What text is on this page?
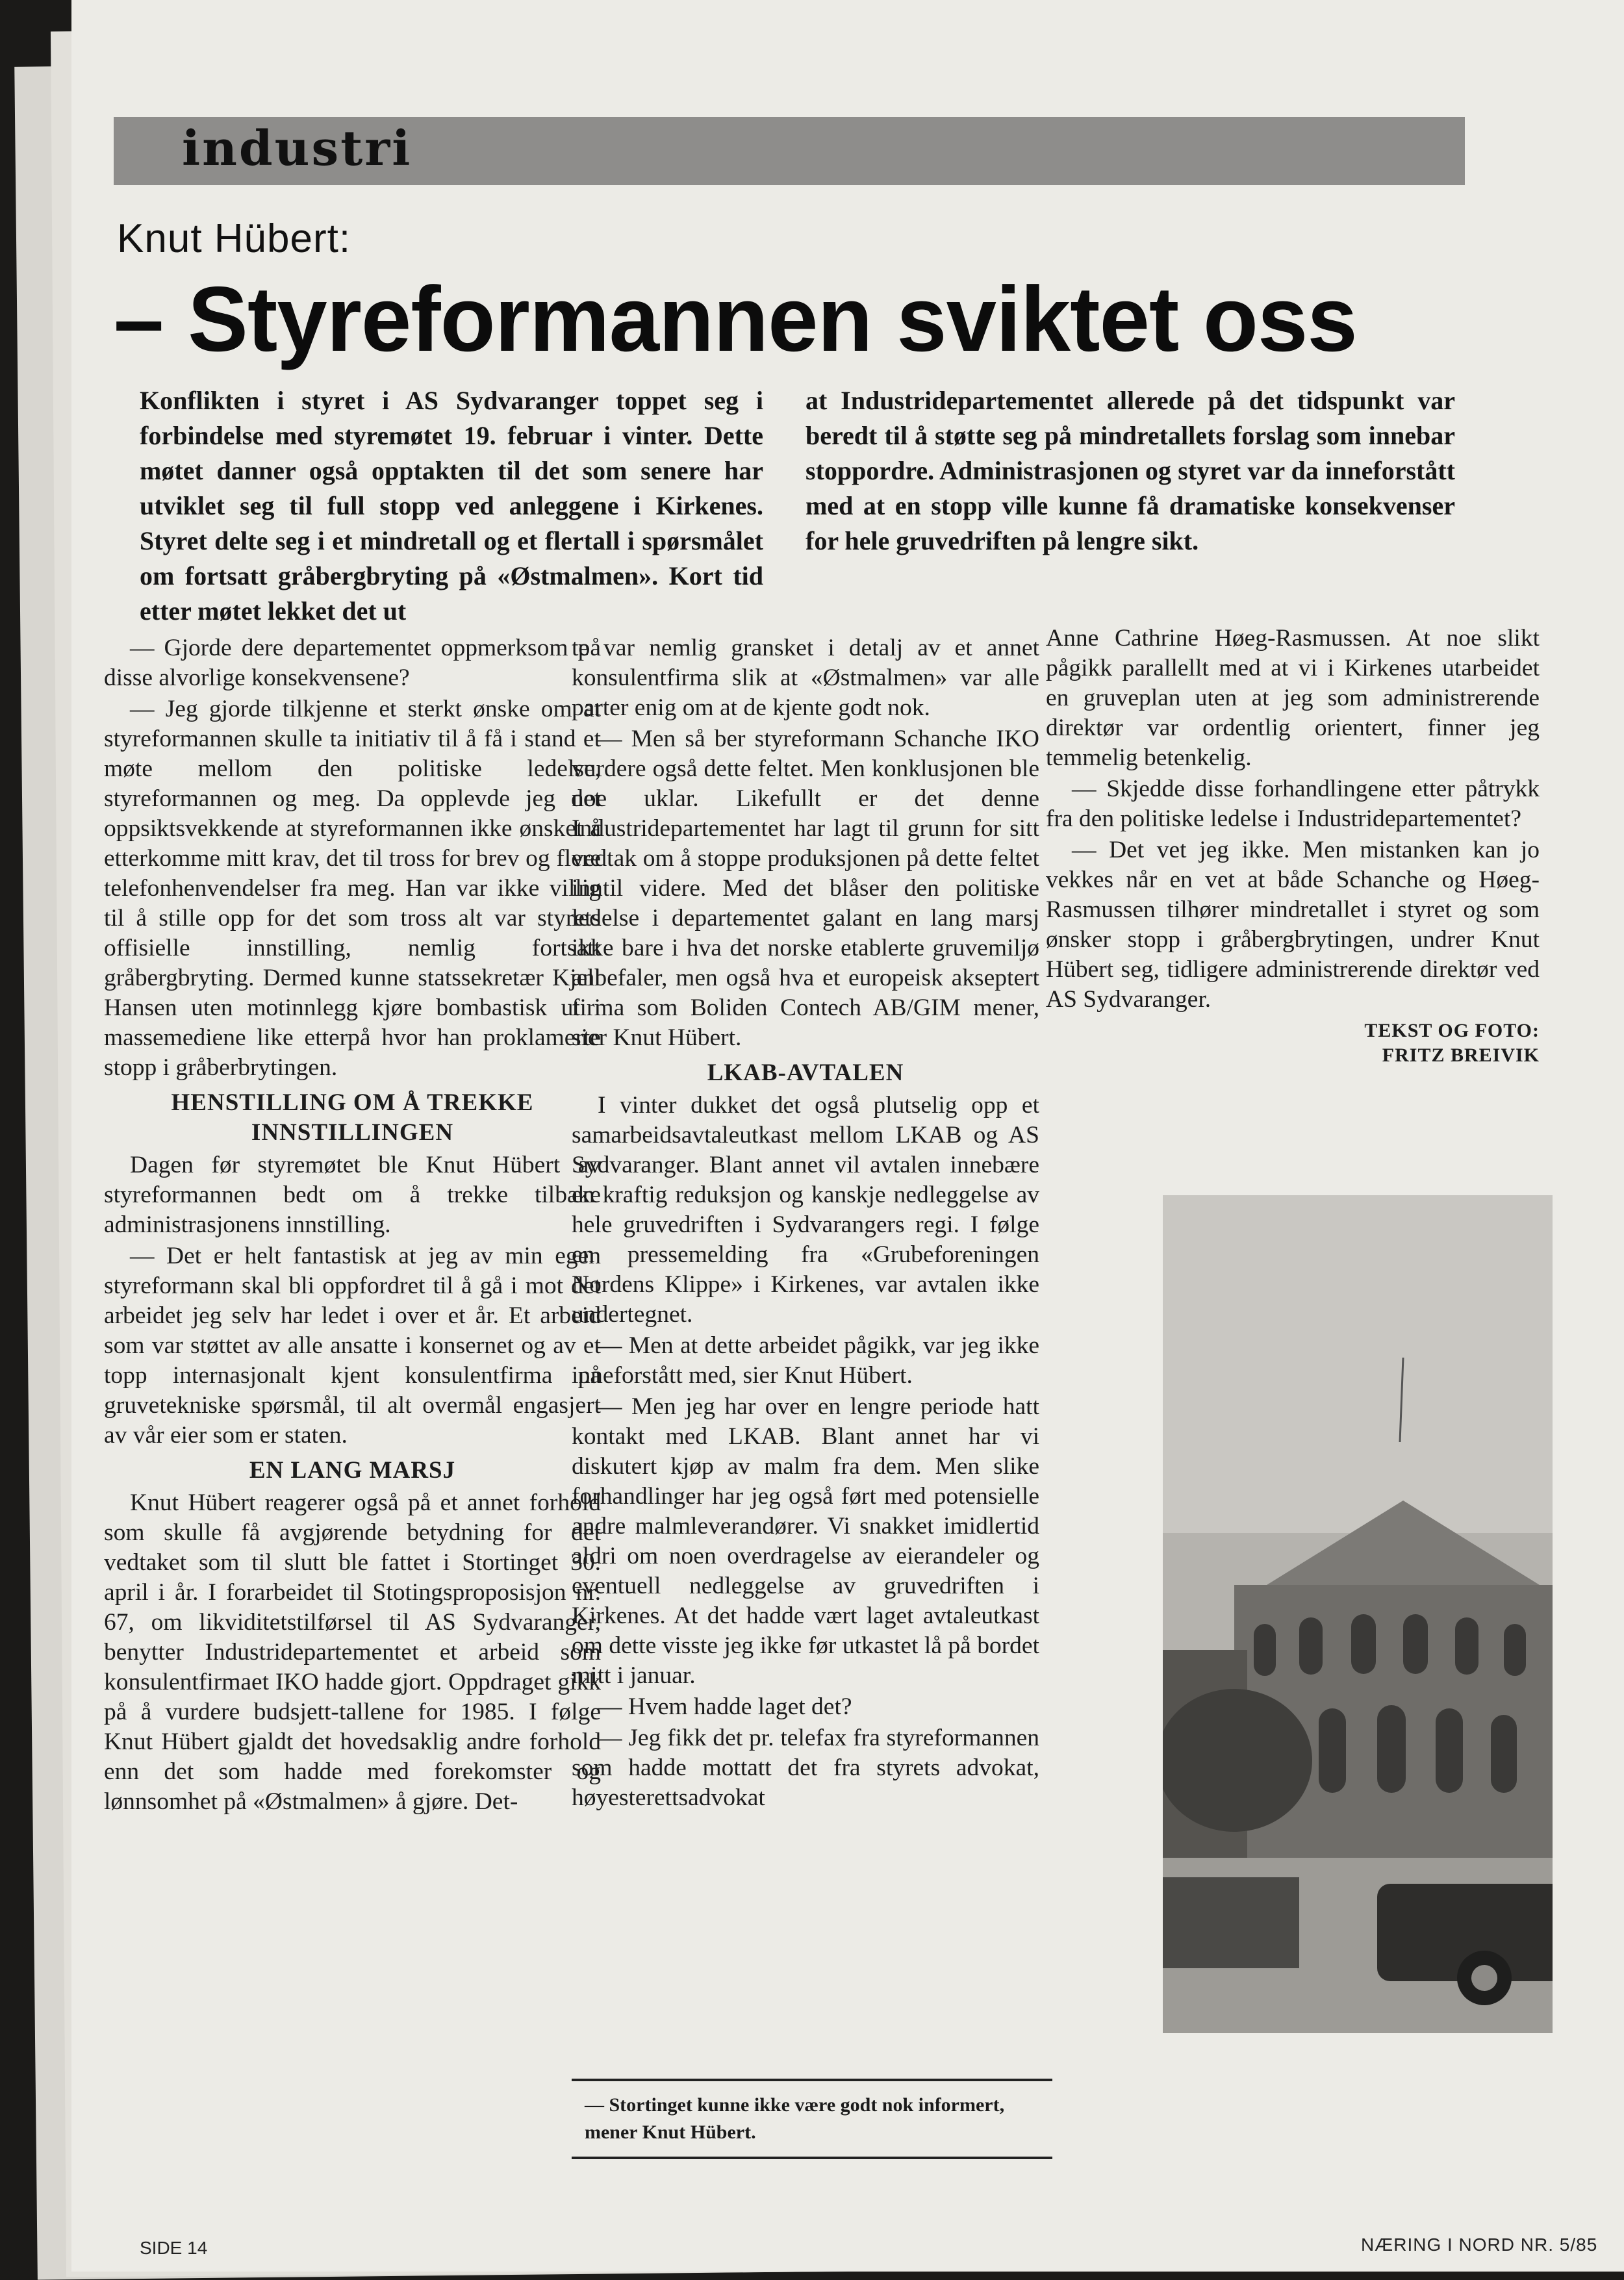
industri
Knut Hübert:
– Styreformannen sviktet oss

Konflikten i styret i AS Sydvaranger toppet seg i forbindelse med styremøtet 19. februar i vinter. Dette møtet danner også opptakten til det som senere har utviklet seg til full stopp ved anleggene i Kirkenes. Styret delte seg i et mindretall og et flertall i spørsmålet om fortsatt gråbergbryting på «Østmalmen». Kort tid etter møtet lekket det ut

at Industridepartementet allerede på det tidspunkt var beredt til å støtte seg på mindretallets forslag som innebar stoppordre. Administrasjonen og styret var da inneforstått med at en stopp ville kunne få dramatiske konsekvenser for hele gruvedriften på lengre sikt.

— Gjorde dere departementet oppmerksom på disse alvorlige konsekvensene?

— Jeg gjorde tilkjenne et sterkt ønske om at styreformannen skulle ta initiativ til å få i stand et møte mellom den politiske ledelse, styreformannen og meg. Da opplevde jeg det oppsiktsvekkende at styreformannen ikke ønsket å etterkomme mitt krav, det til tross for brev og flere telefonhenvendelser fra meg. Han var ikke villig til å stille opp for det som tross alt var styrets offisielle innstilling, nemlig fortsatt gråbergbryting. Dermed kunne statssekretær Kjell Hansen uten motinnlegg kjøre bombastisk ut i massemediene like etterpå hvor han proklamerte stopp i gråberbrytingen.

HENSTILLING OM Å TREKKE INNSTILLINGEN

Dagen før styremøtet ble Knut Hübert av styreformannen bedt om å trekke tilbake administrasjonens innstilling.

— Det er helt fantastisk at jeg av min egen styreformann skal bli oppfordret til å gå i mot det arbeidet jeg selv har ledet i over et år. Et arbeid som var støttet av alle ansatte i konsernet og av et topp internasjonalt kjent konsulentfirma på gruvetekniske spørsmål, til alt overmål engasjert av vår eier som er staten.

EN LANG MARSJ

Knut Hübert reagerer også på et annet forhold som skulle få avgjørende betydning for det vedtaket som til slutt ble fattet i Stortinget 30. april i år. I forarbeidet til Stotingsproposisjon nr. 67, om likviditetstilførsel til AS Sydvaranger, benytter Industridepartementet et arbeid som konsulentfirmaet IKO hadde gjort. Oppdraget gikk på å vurdere budsjett-tallene for 1985. I følge Knut Hübert gjaldt det hovedsaklig andre forhold enn det som hadde med forekomster og lønnsomhet på «Østmalmen» å gjøre. Det-

te var nemlig gransket i detalj av et annet konsulentfirma slik at «Østmalmen» var alle parter enig om at de kjente godt nok.

— Men så ber styreformann Schanche IKO vurdere også dette feltet. Men konklusjonen ble noe uklar. Likefullt er det denne Industridepartementet har lagt til grunn for sitt vedtak om å stoppe produksjonen på dette feltet inntil videre. Med det blåser den politiske ledelse i departementet galant en lang marsj ikke bare i hva det norske etablerte gruvemiljø anbefaler, men også hva et europeisk akseptert firma som Boliden Contech AB/GIM mener, sier Knut Hübert.

LKAB-AVTALEN

I vinter dukket det også plutselig opp et samarbeidsavtaleutkast mellom LKAB og AS Sydvaranger. Blant annet vil avtalen innebære en kraftig reduksjon og kanskje nedleggelse av hele gruvedriften i Sydvarangers regi. I følge en pressemelding fra «Grubeforeningen Nordens Klippe» i Kirkenes, var avtalen ikke undertegnet.

— Men at dette arbeidet pågikk, var jeg ikke inneforstått med, sier Knut Hübert.

— Men jeg har over en lengre periode hatt kontakt med LKAB. Blant annet har vi diskutert kjøp av malm fra dem. Men slike forhandlinger har jeg også ført med potensielle andre malmleverandører. Vi snakket imidlertid aldri om noen overdragelse av eierandeler og eventuell nedleggelse av gruvedriften i Kirkenes. At det hadde vært laget avtaleutkast om dette visste jeg ikke før utkastet lå på bordet mitt i januar.

— Hvem hadde laget det?

— Jeg fikk det pr. telefax fra styreformannen som hadde mottatt det fra styrets advokat, høyesterettsadvokat

Anne Cathrine Høeg-Rasmussen. At noe slikt pågikk parallellt med at vi i Kirkenes utarbeidet en gruveplan uten at jeg som administrerende direktør var ordentlig orientert, finner jeg temmelig betenkelig.

— Skjedde disse forhandlingene etter påtrykk fra den politiske ledelse i Industridepartementet?

— Det vet jeg ikke. Men mistanken kan jo vekkes når en vet at både Schanche og Høeg-Rasmussen tilhører mindretallet i styret og som ønsker stopp i gråbergbrytingen, undrer Knut Hübert seg, tidligere administrerende direktør ved AS Sydvaranger.

TEKST OG FOTO:
FRITZ BREIVIK

— Stortinget kunne ikke være godt nok informert, mener Knut Hübert.

SIDE 14	NÆRING I NORD NR. 5/85
